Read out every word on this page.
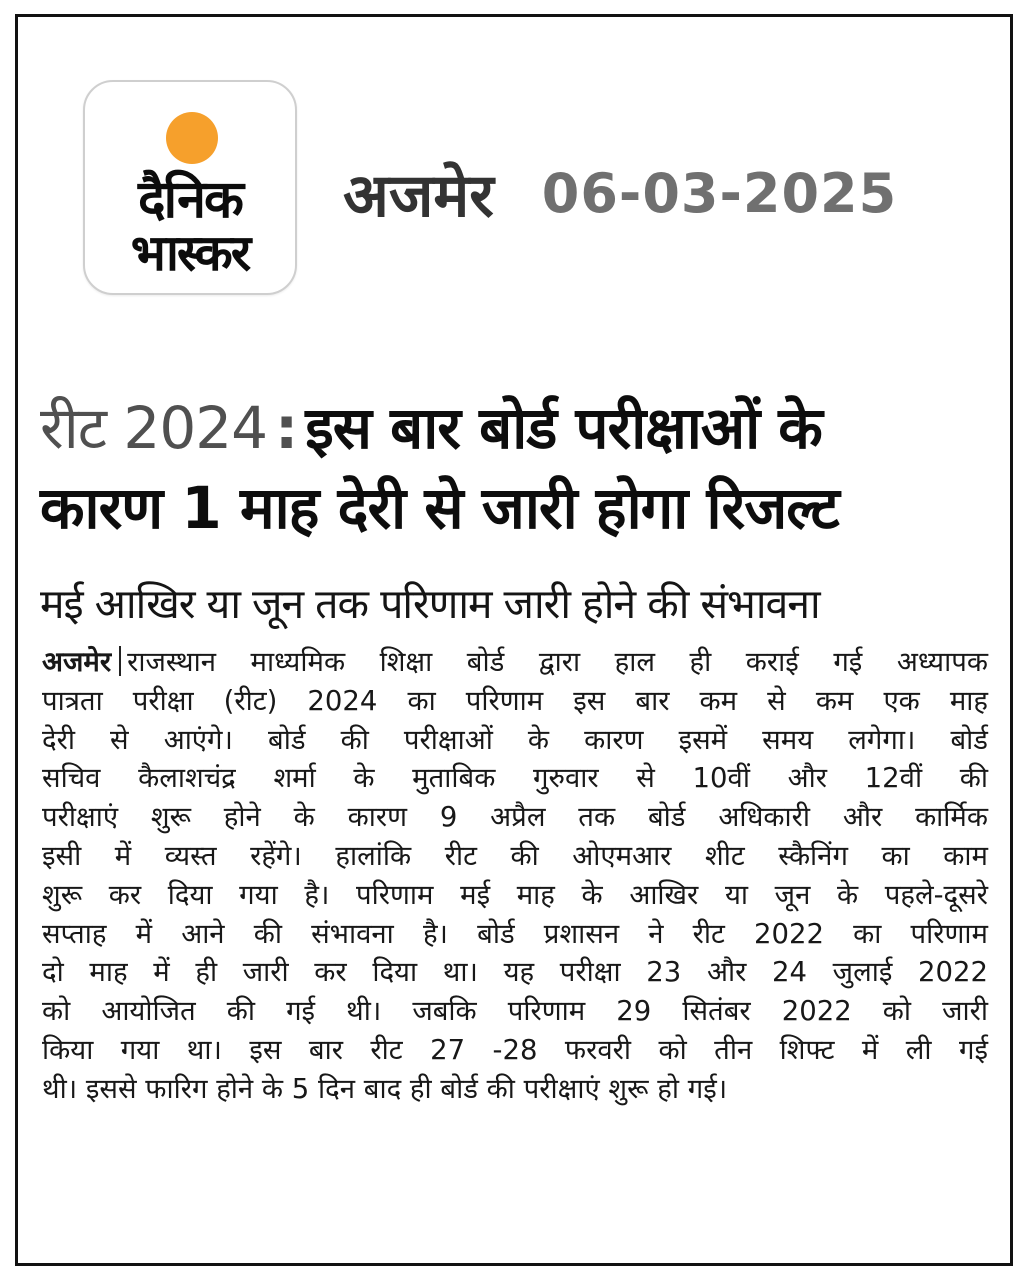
दैनिक
भास्कर
अजमेर 06-03-2025
रीट 2024 : इस बार बोर्ड परीक्षाओं के
कारण 1 माह देरी से जारी होगा रिजल्ट
मई आखिर या जून तक परिणाम जारी होने की संभावना
अजमेर राजस्थान माध्यमिक शिक्षा बोर्ड द्वारा हाल ही कराई गई अध्यापक
पात्रता परीक्षा (रीट) 2024 का परिणाम इस बार कम से कम एक माह
देरी से आएंगे। बोर्ड की परीक्षाओं के कारण इसमें समय लगेगा। बोर्ड
सचिव कैलाशचंद्र शर्मा के मुताबिक गुरुवार से 10वीं और 12वीं की
परीक्षाएं शुरू होने के कारण 9 अप्रैल तक बोर्ड अधिकारी और कार्मिक
इसी में व्यस्त रहेंगे। हालांकि रीट की ओएमआर शीट स्कैनिंग का काम
शुरू कर दिया गया है। परिणाम मई माह के आखिर या जून के पहले-दूसरे
सप्ताह में आने की संभावना है। बोर्ड प्रशासन ने रीट 2022 का परिणाम
दो माह में ही जारी कर दिया था। यह परीक्षा 23 और 24 जुलाई 2022
को आयोजित की गई थी। जबकि परिणाम 29 सितंबर 2022 को जारी
किया गया था। इस बार रीट 27 -28 फरवरी को तीन शिफ्ट में ली गई
थी। इससे फारिग होने के 5 दिन बाद ही बोर्ड की परीक्षाएं शुरू हो गई।
